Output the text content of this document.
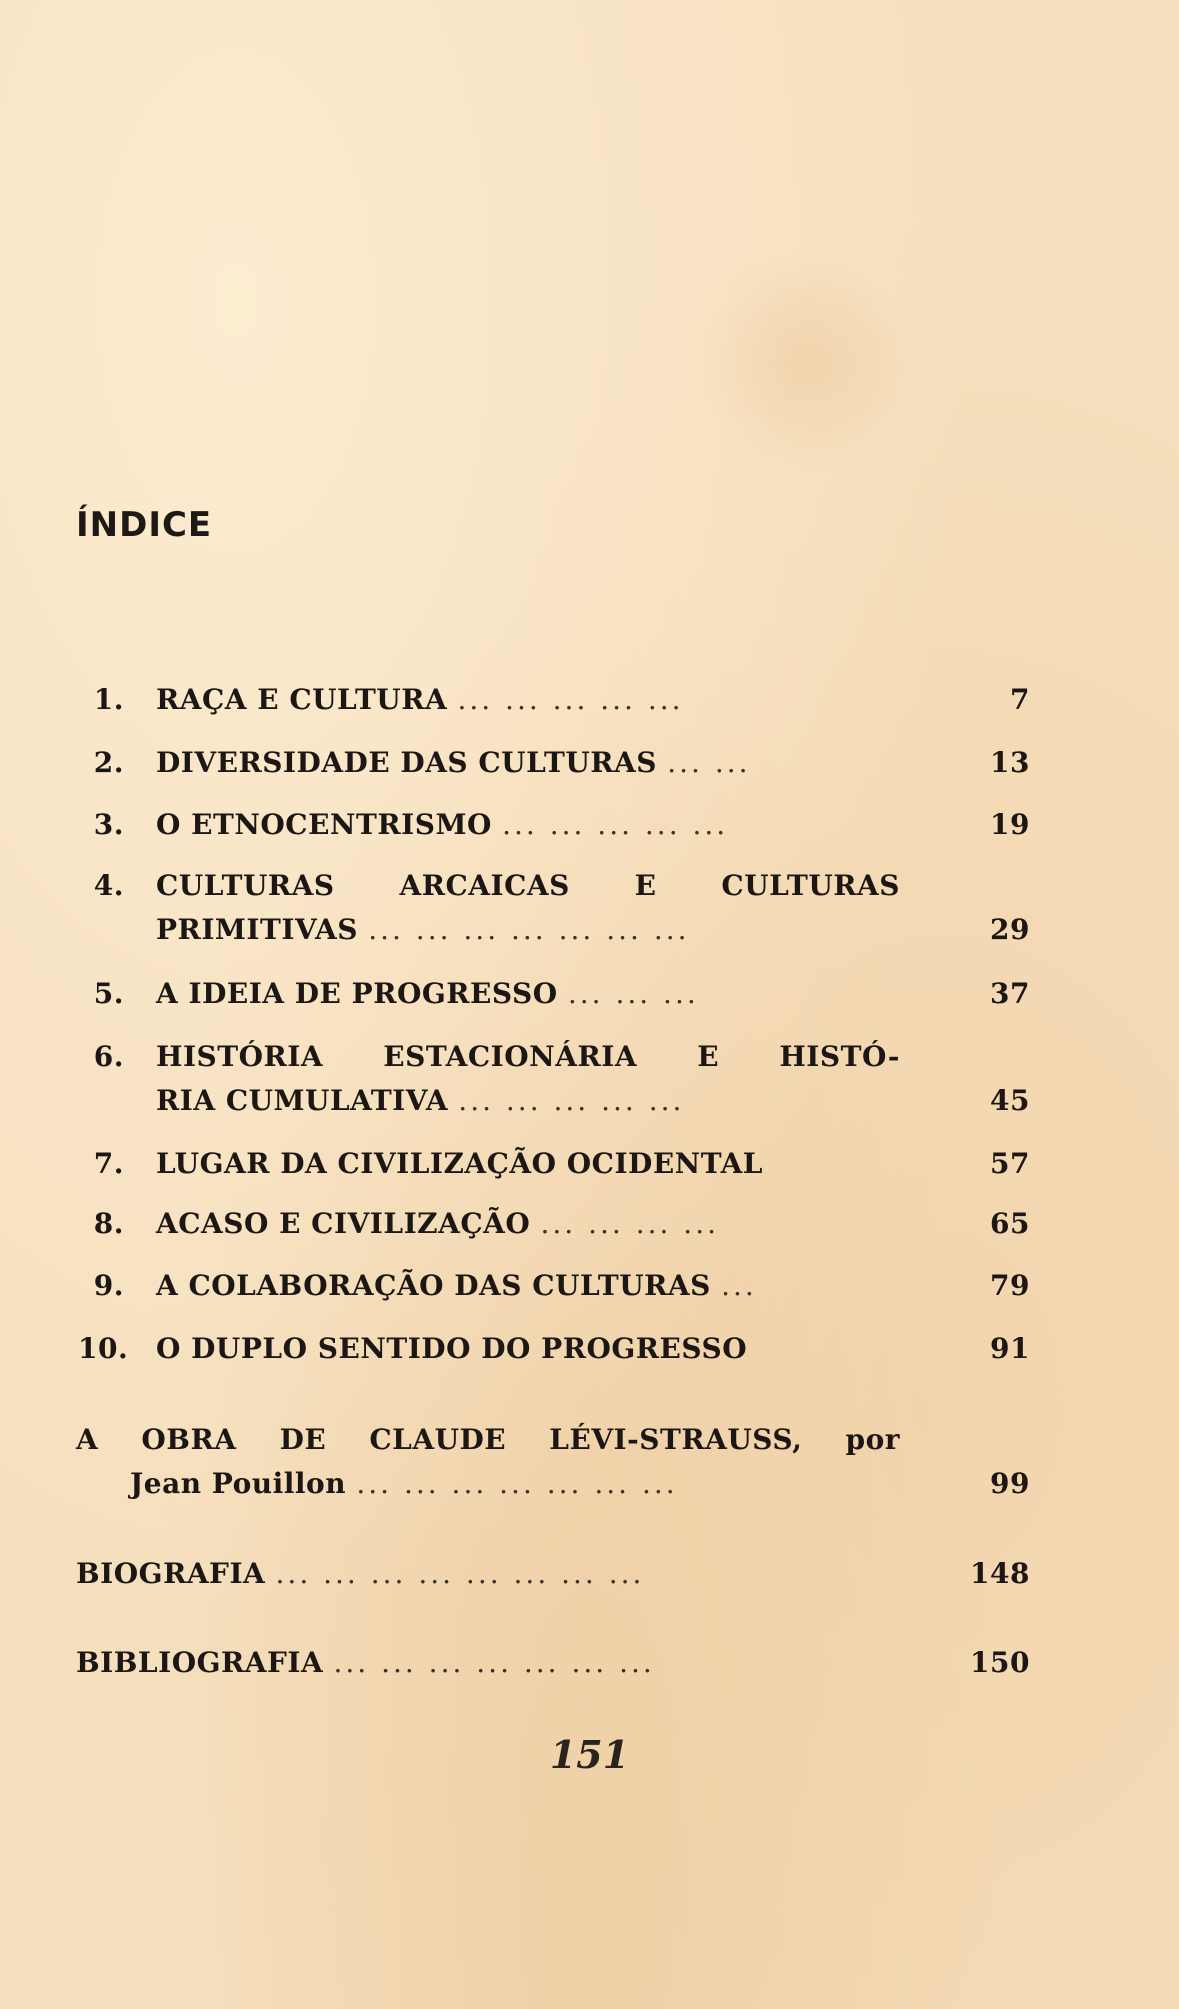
ÍNDICE
1. RAÇA E CULTURA ... ... ... ... ...	7
2. DIVERSIDADE DAS CULTURAS ... ...	13
3. O ETNOCENTRISMO ... ... ... ... ...	19
4. CULTURAS ARCAICAS E CULTURAS
PRIMITIVAS ... ... ... ... ... ... ...	29
5. A IDEIA DE PROGRESSO ... ... ...	37
6. HISTÓRIA ESTACIONÁRIA E HISTÓ-
RIA CUMULATIVA ... ... ... ... ...	45
7. LUGAR DA CIVILIZAÇÃO OCIDENTAL	57
8. ACASO E CIVILIZAÇÃO ... ... ... ...	65
9. A COLABORAÇÃO DAS CULTURAS ...	79
10. O DUPLO SENTIDO DO PROGRESSO	91
A OBRA DE CLAUDE LÉVI-STRAUSS, por
Jean Pouillon ... ... ... ... ... ... ...	99
BIOGRAFIA ... ... ... ... ... ... ... ...	148
BIBLIOGRAFIA ... ... ... ... ... ... ...	150
151
